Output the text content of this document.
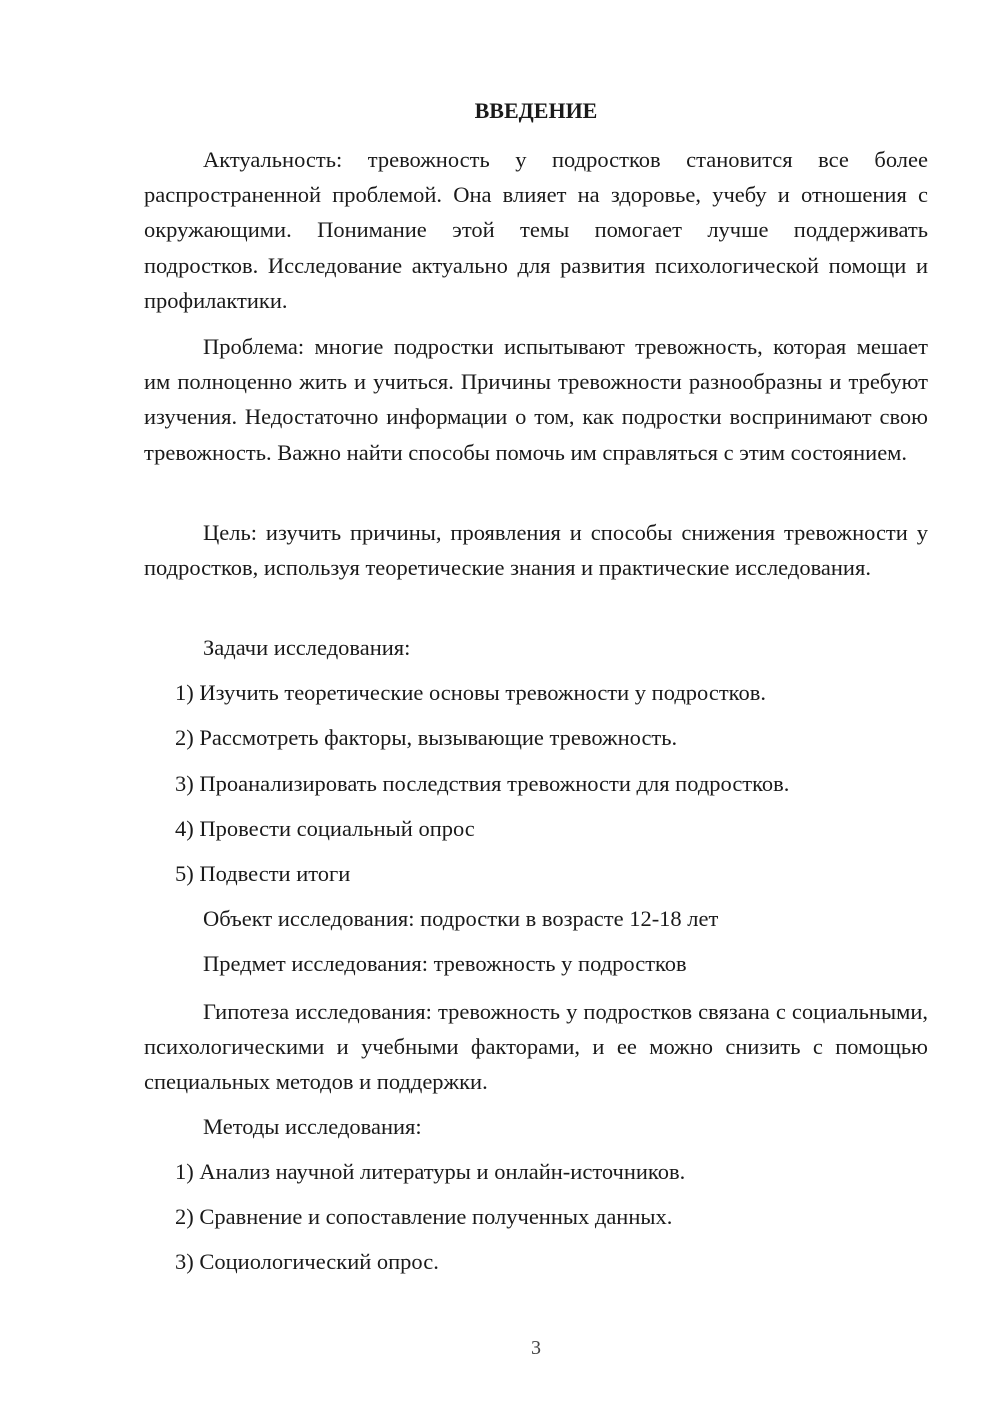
ВВЕДЕНИЕ

Актуальность: тревожность у подростков становится все более распространенной проблемой. Она влияет на здоровье, учебу и отношения с окружающими. Понимание этой темы помогает лучше поддерживать подростков. Исследование актуально для развития психологической помощи и профилактики.

Проблема: многие подростки испытывают тревожность, которая мешает им полноценно жить и учиться. Причины тревожности разнообразны и требуют изучения. Недостаточно информации о том, как подростки воспринимают свою тревожность. Важно найти способы помочь им справляться с этим состоянием.

Цель: изучить причины, проявления и способы снижения тревожности у подростков, используя теоретические знания и практические исследования.

Задачи исследования:

1) Изучить теоретические основы тревожности у подростков.

2) Рассмотреть факторы, вызывающие тревожность.

3) Проанализировать последствия тревожности для подростков.

4) Провести социальный опрос

5) Подвести итоги

Объект исследования: подростки в возрасте 12-18 лет

Предмет исследования: тревожность у подростков

Гипотеза исследования: тревожность у подростков связана с социальными, психологическими и учебными факторами, и ее можно снизить с помощью специальных методов и поддержки.

Методы исследования:

1) Анализ научной литературы и онлайн-источников.

2) Сравнение и сопоставление полученных данных.

3) Социологический опрос.

3
